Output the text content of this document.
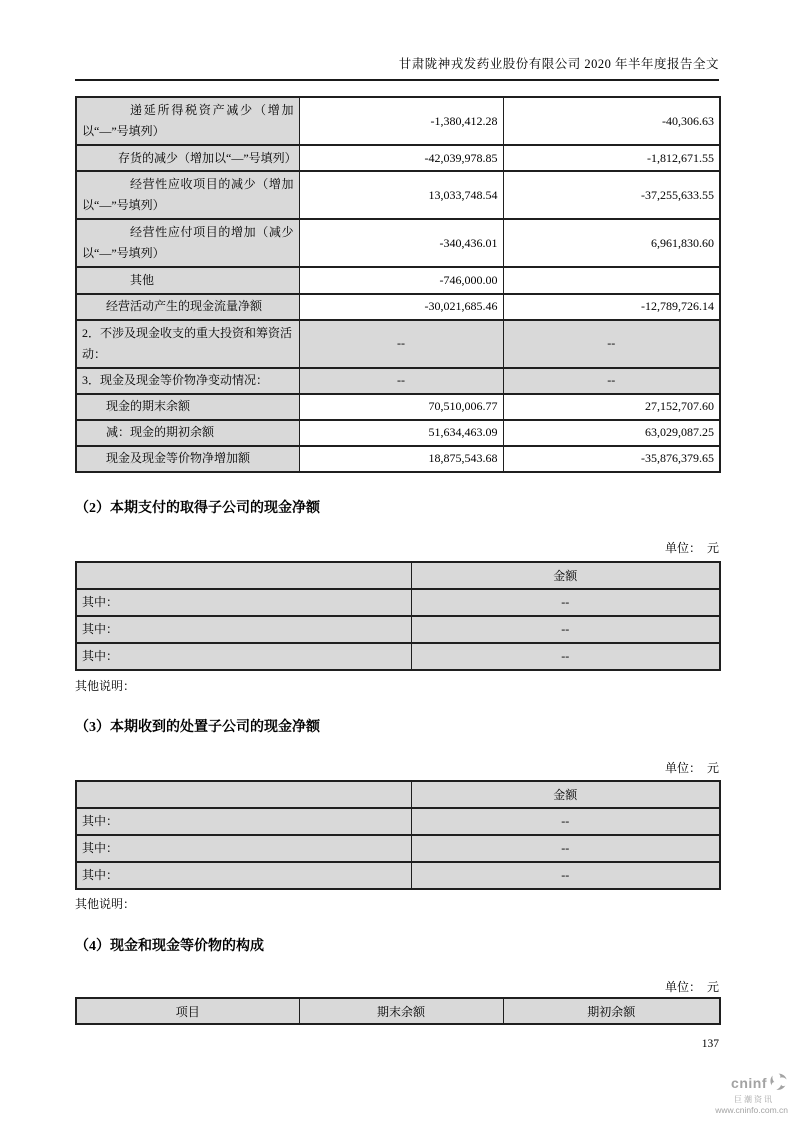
甘肃陇神戎发药业股份有限公司 2020 年半年度报告全文
递延所得税资产减少（增加以“—”号填列）	-1,380,412.28	-40,306.63
存货的减少（增加以“—”号填列）	-42,039,978.85	-1,812,671.55
经营性应收项目的减少（增加以“—”号填列）	13,033,748.54	-37,255,633.55
经营性应付项目的增加（减少以“—”号填列）	-340,436.01	6,961,830.60
其他	-746,000.00	
经营活动产生的现金流量净额	-30,021,685.46	-12,789,726.14
2．不涉及现金收支的重大投资和筹资活动：	--	--
3．现金及现金等价物净变动情况：	--	--
现金的期末余额	70,510,006.77	27,152,707.60
减：现金的期初余额	51,634,463.09	63,029,087.25
现金及现金等价物净增加额	18,875,543.68	-35,876,379.65
（2）本期支付的取得子公司的现金净额
单位：　元
	金额
其中：	--
其中：	--
其中：	--
其他说明：
（3）本期收到的处置子公司的现金净额
单位：　元
	金额
其中：	--
其中：	--
其中：	--
其他说明：
（4）现金和现金等价物的构成
单位：　元
项目	期末余额	期初余额
137
cninf
巨潮资讯
www.cninfo.com.cn
